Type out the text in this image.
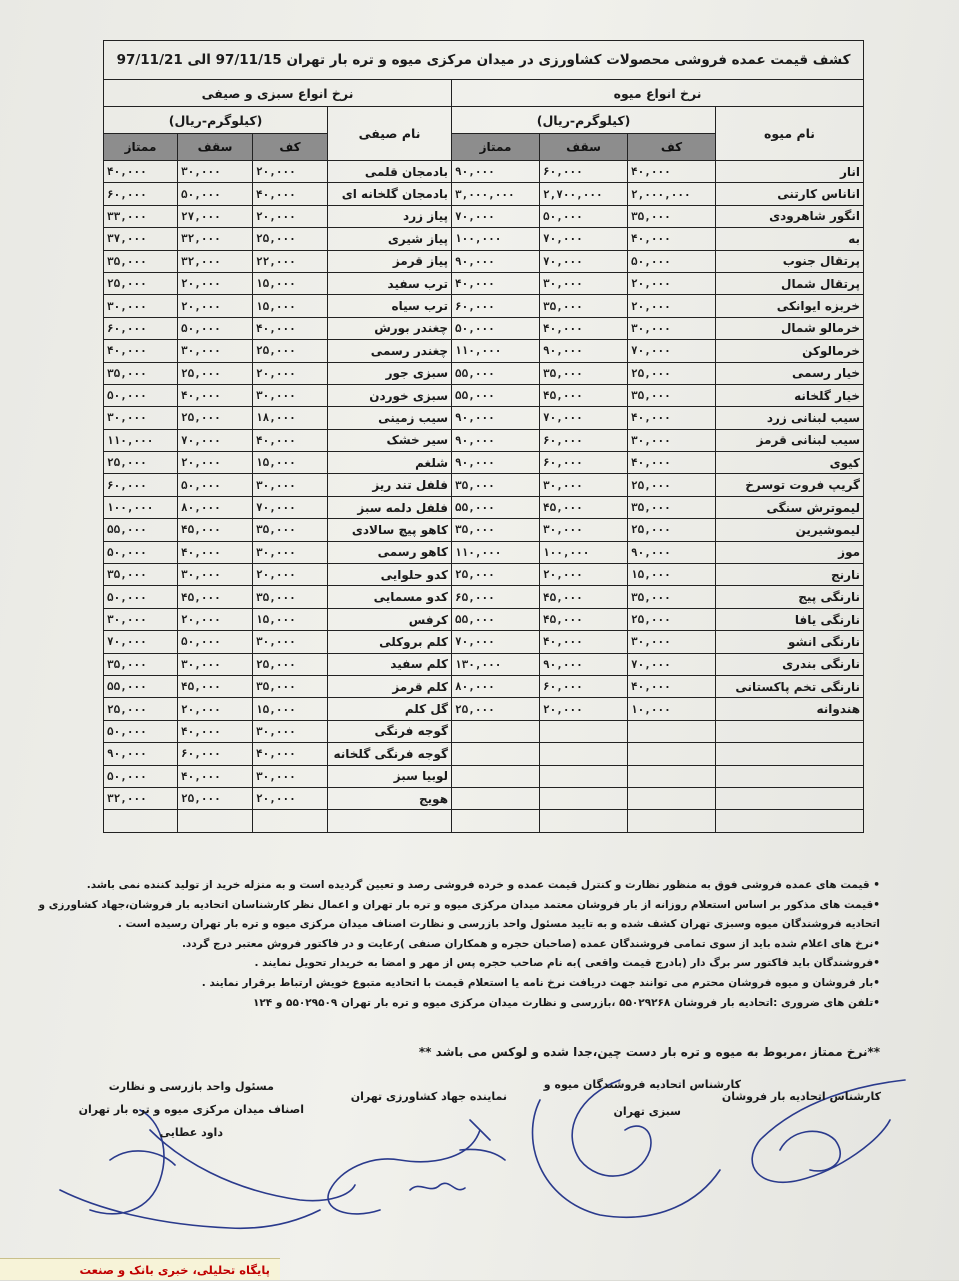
کشف قیمت عمده فروشی محصولات کشاورزی در میدان مرکزی میوه و تره بار تهران 97/11/15 الی 97/11/21							
نرخ انواع میوه				نرخ انواع سبزی و صیفی			
نام میوه	(کیلوگرم-ریال)			نام صیفی	(کیلوگرم-ریال)		
	کف	سقف	ممتاز		کف	سقف	ممتاز
انار	۴۰,۰۰۰	۶۰,۰۰۰	۹۰,۰۰۰	بادمجان قلمی	۲۰,۰۰۰	۳۰,۰۰۰	۴۰,۰۰۰
اناناس کارتنی	۲,۰۰۰,۰۰۰	۲,۷۰۰,۰۰۰	۳,۰۰۰,۰۰۰	بادمجان گلخانه ای	۴۰,۰۰۰	۵۰,۰۰۰	۶۰,۰۰۰
انگور شاهرودی	۳۵,۰۰۰	۵۰,۰۰۰	۷۰,۰۰۰	پیاز زرد	۲۰,۰۰۰	۲۷,۰۰۰	۳۳,۰۰۰
به	۴۰,۰۰۰	۷۰,۰۰۰	۱۰۰,۰۰۰	پیاز شیری	۲۵,۰۰۰	۳۲,۰۰۰	۳۷,۰۰۰
پرتقال جنوب	۵۰,۰۰۰	۷۰,۰۰۰	۹۰,۰۰۰	پیاز قرمز	۲۲,۰۰۰	۳۲,۰۰۰	۳۵,۰۰۰
پرتقال شمال	۲۰,۰۰۰	۳۰,۰۰۰	۴۰,۰۰۰	ترب سفید	۱۵,۰۰۰	۲۰,۰۰۰	۲۵,۰۰۰
خربزه ایوانکی	۲۰,۰۰۰	۳۵,۰۰۰	۶۰,۰۰۰	ترب سیاه	۱۵,۰۰۰	۲۰,۰۰۰	۳۰,۰۰۰
خرمالو شمال	۳۰,۰۰۰	۴۰,۰۰۰	۵۰,۰۰۰	چغندر بورش	۴۰,۰۰۰	۵۰,۰۰۰	۶۰,۰۰۰
خرمالوکن	۷۰,۰۰۰	۹۰,۰۰۰	۱۱۰,۰۰۰	چغندر رسمی	۲۵,۰۰۰	۳۰,۰۰۰	۴۰,۰۰۰
خیار رسمی	۲۵,۰۰۰	۳۵,۰۰۰	۵۵,۰۰۰	سبزی جور	۲۰,۰۰۰	۲۵,۰۰۰	۳۵,۰۰۰
خیار گلخانه	۳۵,۰۰۰	۴۵,۰۰۰	۵۵,۰۰۰	سبزی خوردن	۳۰,۰۰۰	۴۰,۰۰۰	۵۰,۰۰۰
سیب لبنانی زرد	۴۰,۰۰۰	۷۰,۰۰۰	۹۰,۰۰۰	سیب زمینی	۱۸,۰۰۰	۲۵,۰۰۰	۳۰,۰۰۰
سیب لبنانی قرمز	۳۰,۰۰۰	۶۰,۰۰۰	۹۰,۰۰۰	سیر خشک	۴۰,۰۰۰	۷۰,۰۰۰	۱۱۰,۰۰۰
کیوی	۴۰,۰۰۰	۶۰,۰۰۰	۹۰,۰۰۰	شلغم	۱۵,۰۰۰	۲۰,۰۰۰	۲۵,۰۰۰
گریپ فروت توسرخ	۲۵,۰۰۰	۳۰,۰۰۰	۳۵,۰۰۰	فلفل تند ریز	۳۰,۰۰۰	۵۰,۰۰۰	۶۰,۰۰۰
لیموترش سنگی	۳۵,۰۰۰	۴۵,۰۰۰	۵۵,۰۰۰	فلفل دلمه سبز	۷۰,۰۰۰	۸۰,۰۰۰	۱۰۰,۰۰۰
لیموشیرین	۲۵,۰۰۰	۳۰,۰۰۰	۳۵,۰۰۰	کاهو پیچ سالادی	۳۵,۰۰۰	۴۵,۰۰۰	۵۵,۰۰۰
موز	۹۰,۰۰۰	۱۰۰,۰۰۰	۱۱۰,۰۰۰	کاهو رسمی	۳۰,۰۰۰	۴۰,۰۰۰	۵۰,۰۰۰
نارنج	۱۵,۰۰۰	۲۰,۰۰۰	۲۵,۰۰۰	کدو حلوایی	۲۰,۰۰۰	۳۰,۰۰۰	۳۵,۰۰۰
نارنگی پیج	۳۵,۰۰۰	۴۵,۰۰۰	۶۵,۰۰۰	کدو مسمایی	۳۵,۰۰۰	۴۵,۰۰۰	۵۰,۰۰۰
نارنگی یافا	۲۵,۰۰۰	۴۵,۰۰۰	۵۵,۰۰۰	کرفس	۱۵,۰۰۰	۲۰,۰۰۰	۳۰,۰۰۰
نارنگی انشو	۳۰,۰۰۰	۴۰,۰۰۰	۷۰,۰۰۰	کلم بروکلی	۳۰,۰۰۰	۵۰,۰۰۰	۷۰,۰۰۰
نارنگی بندری	۷۰,۰۰۰	۹۰,۰۰۰	۱۳۰,۰۰۰	کلم سفید	۲۵,۰۰۰	۳۰,۰۰۰	۳۵,۰۰۰
نارنگی تخم پاکستانی	۴۰,۰۰۰	۶۰,۰۰۰	۸۰,۰۰۰	کلم قرمز	۳۵,۰۰۰	۴۵,۰۰۰	۵۵,۰۰۰
هندوانه	۱۰,۰۰۰	۲۰,۰۰۰	۲۵,۰۰۰	گل کلم	۱۵,۰۰۰	۲۰,۰۰۰	۲۵,۰۰۰
				گوجه فرنگی	۳۰,۰۰۰	۴۰,۰۰۰	۵۰,۰۰۰
				گوجه فرنگی گلخانه	۴۰,۰۰۰	۶۰,۰۰۰	۹۰,۰۰۰
				لوبیا سبز	۳۰,۰۰۰	۴۰,۰۰۰	۵۰,۰۰۰
				هویج	۲۰,۰۰۰	۲۵,۰۰۰	۳۲,۰۰۰

• قیمت های عمده فروشی فوق به منظور نظارت و کنترل قیمت عمده و خرده فروشی رصد و تعیین گردیده است و به منزله خرید از تولید کننده نمی باشد.
•قیمت های مذکور بر اساس استعلام روزانه از بار فروشان معتمد میدان مرکزی میوه و تره بار تهران و اعمال نظر کارشناسان اتحادیه بار فروشان،جهاد کشاورزی و
اتحادیه فروشندگان میوه وسبزی تهران کشف شده و به تایید مسئول واحد بازرسی و نظارت اصناف میدان مرکزی میوه و تره بار تهران رسیده است .
•نرخ های اعلام شده باید از سوی تمامی فروشندگان عمده (صاحبان حجره و همکاران صنفی )رعایت و در فاکتور فروش معتبر درج گردد.
•فروشندگان باید فاکتور سر برگ دار (بادرج قیمت واقعی )به نام صاحب حجره پس از مهر و امضا به خریدار تحویل نمایند .
•بار فروشان و میوه فروشان محترم می توانند جهت دریافت نرخ نامه یا استعلام قیمت با اتحادیه متبوع خویش ارتباط برقرار نمایند .
•تلفن های ضروری :اتحادیه بار فروشان ۵۵۰۲۹۲۶۸ ،بازرسی و نظارت میدان مرکزی میوه و تره بار تهران ۵۵۰۲۹۵۰۹ و ۱۲۴
**نرخ ممتاز ،مربوط به میوه و تره بار دست چین،جدا شده و لوکس می باشد **
کارشناس اتحادیه بار فروشان
کارشناس اتحادیه فروشندگان میوه و
سبزی تهران
نماینده جهاد کشاورزی تهران
مسئول واحد بازرسی و نظارت
اصناف میدان مرکزی میوه و تره بار تهران
داود عطایی
پایگاه تحلیلی، خبری بانک و صنعت
